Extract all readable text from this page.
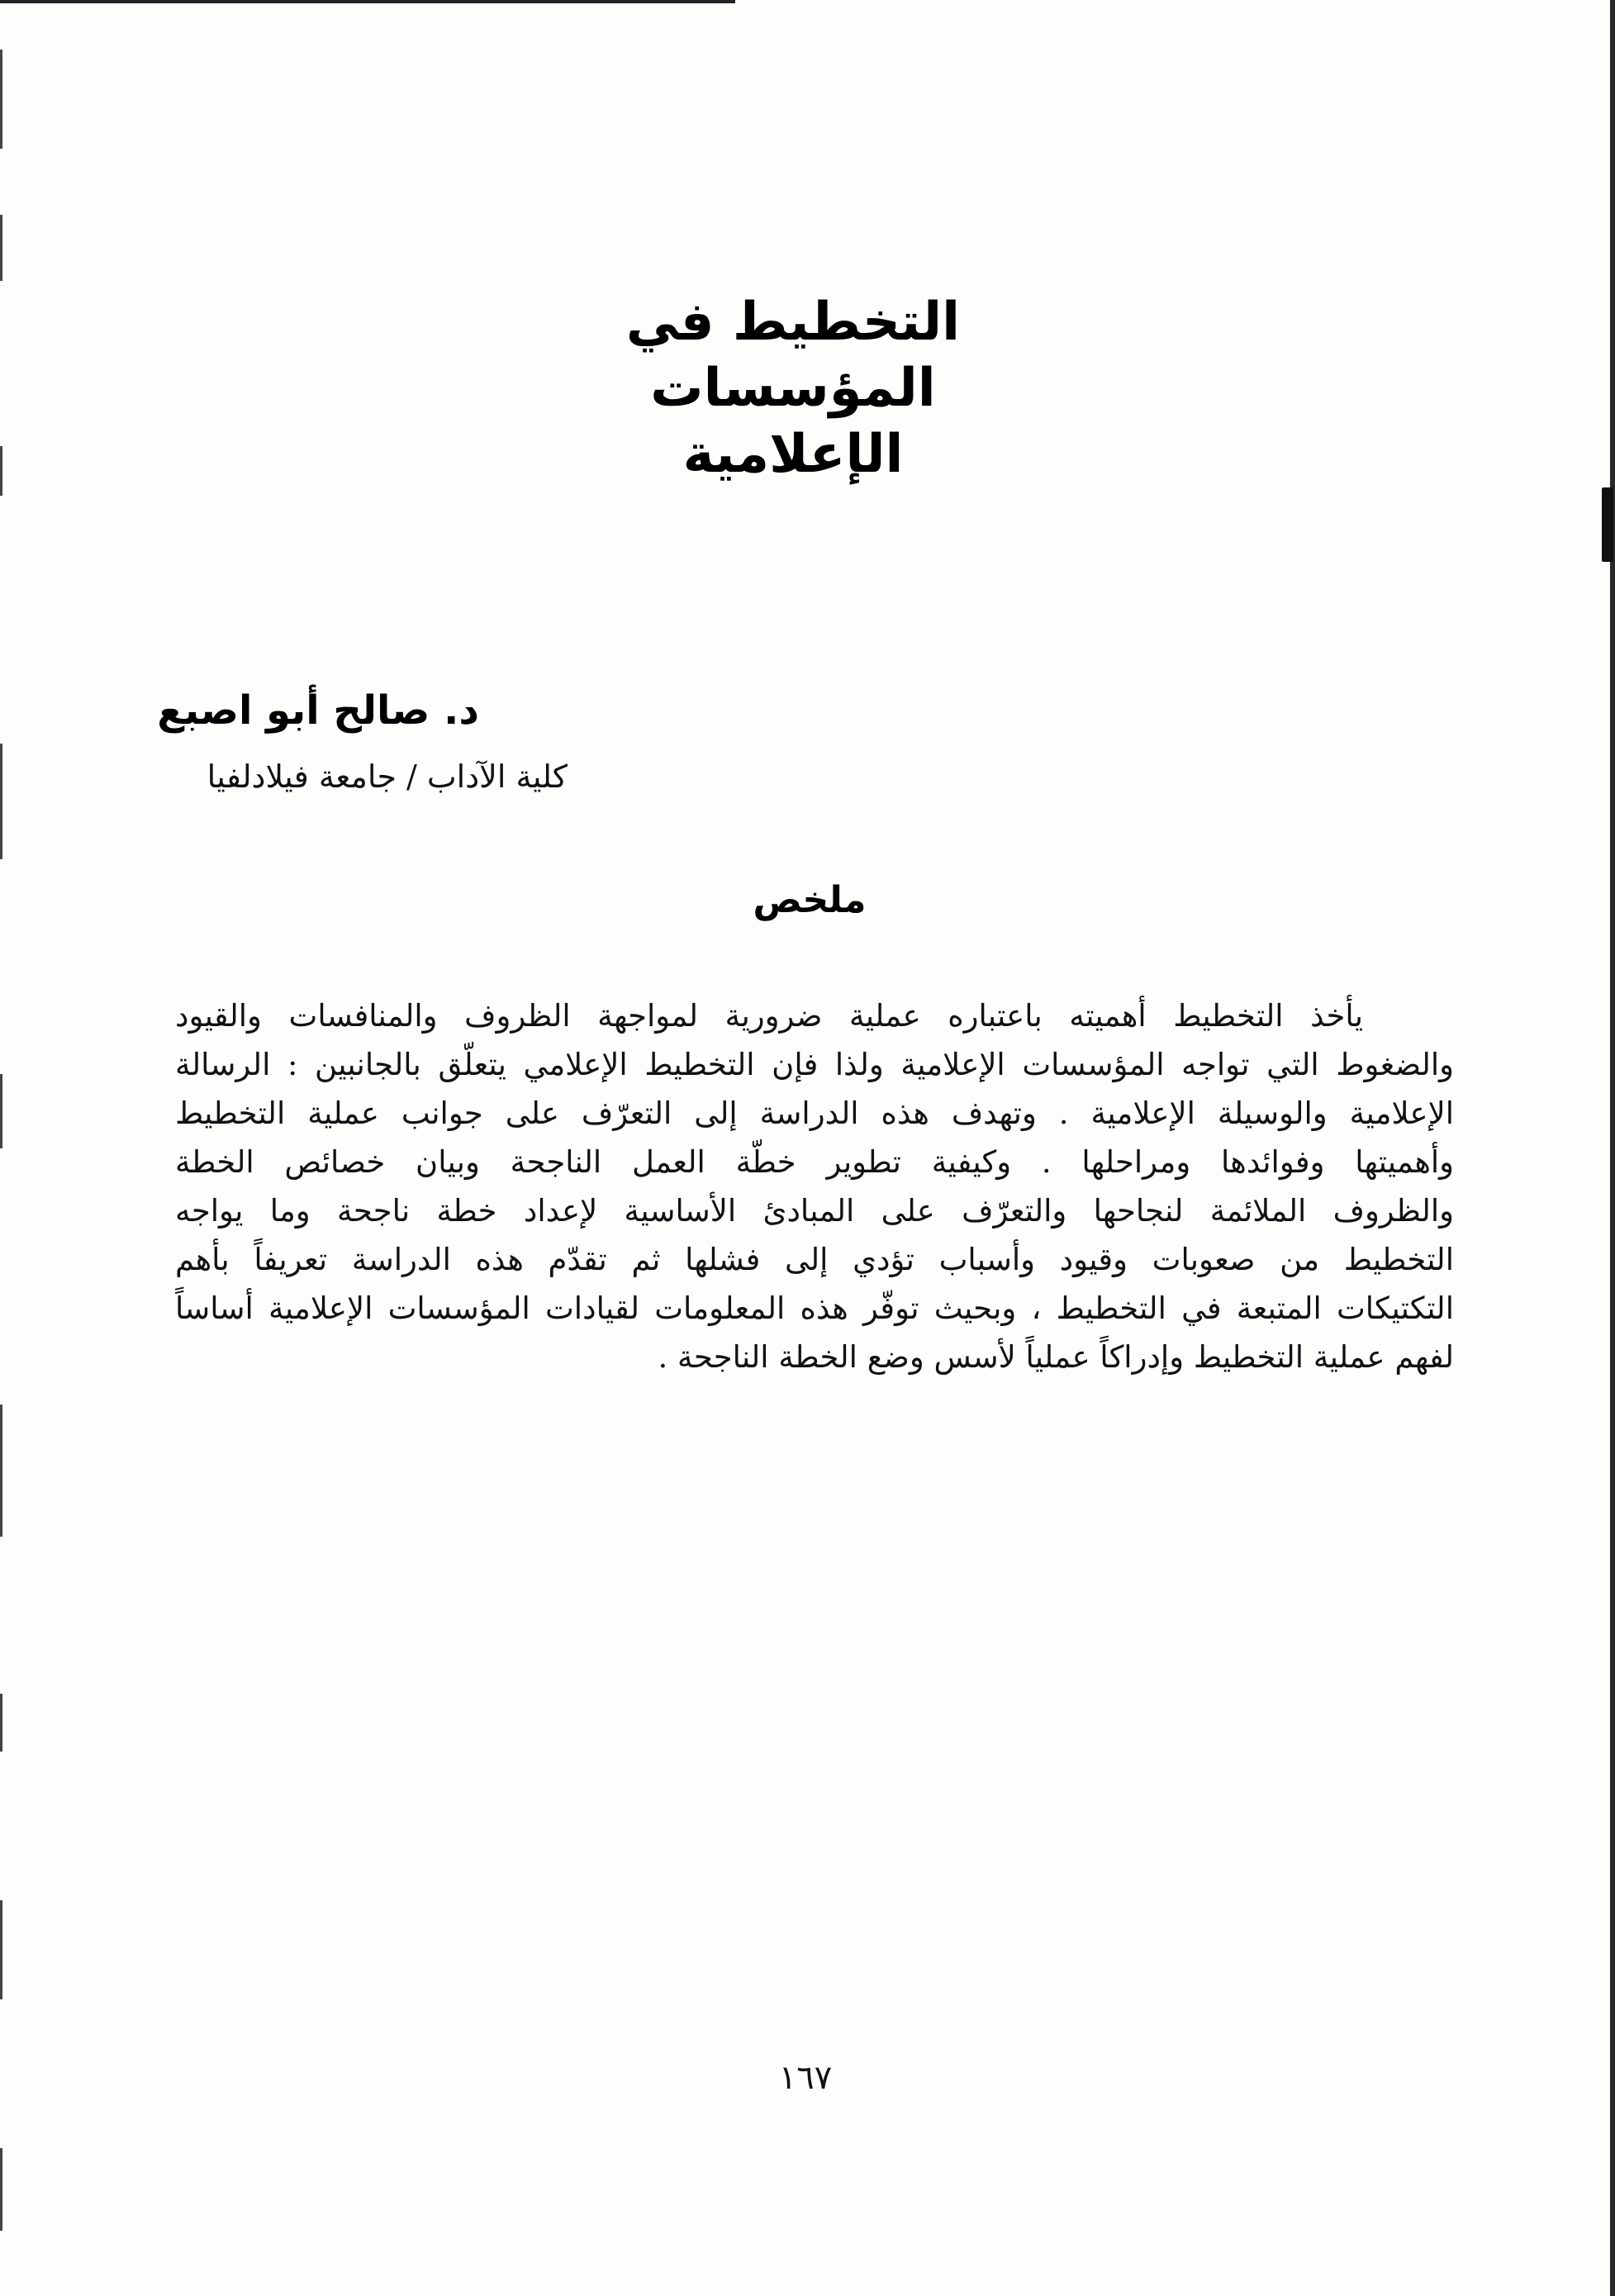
التخطيط في المؤسسات
الإعلامية
د. صالح أبو اصبع
كلية الآداب / جامعة فيلادلفيا
ملخص
يأخذ التخطيط أهميته باعتباره عملية ضرورية لمواجهة الظروف والمنافسات والقيود
والضغوط التي تواجه المؤسسات الإعلامية ولذا فإن التخطيط الإعلامي يتعلّق بالجانبين : الرسالة
الإعلامية والوسيلة الإعلامية . وتهدف هذه الدراسة إلى التعرّف على جوانب عملية التخطيط
وأهميتها وفوائدها ومراحلها . وكيفية تطوير خطّة العمل الناجحة وبيان خصائص الخطة
والظروف الملائمة لنجاحها والتعرّف على المبادئ الأساسية لإعداد خطة ناجحة وما يواجه
التخطيط من صعوبات وقيود وأسباب تؤدي إلى فشلها ثم تقدّم هذه الدراسة تعريفاً بأهم
التكتيكات المتبعة في التخطيط ، وبحيث توفّر هذه المعلومات لقيادات المؤسسات الإعلامية أساساً
لفهم عملية التخطيط وإدراكاً عملياً لأسس وضع الخطة الناجحة .
١٦٧
